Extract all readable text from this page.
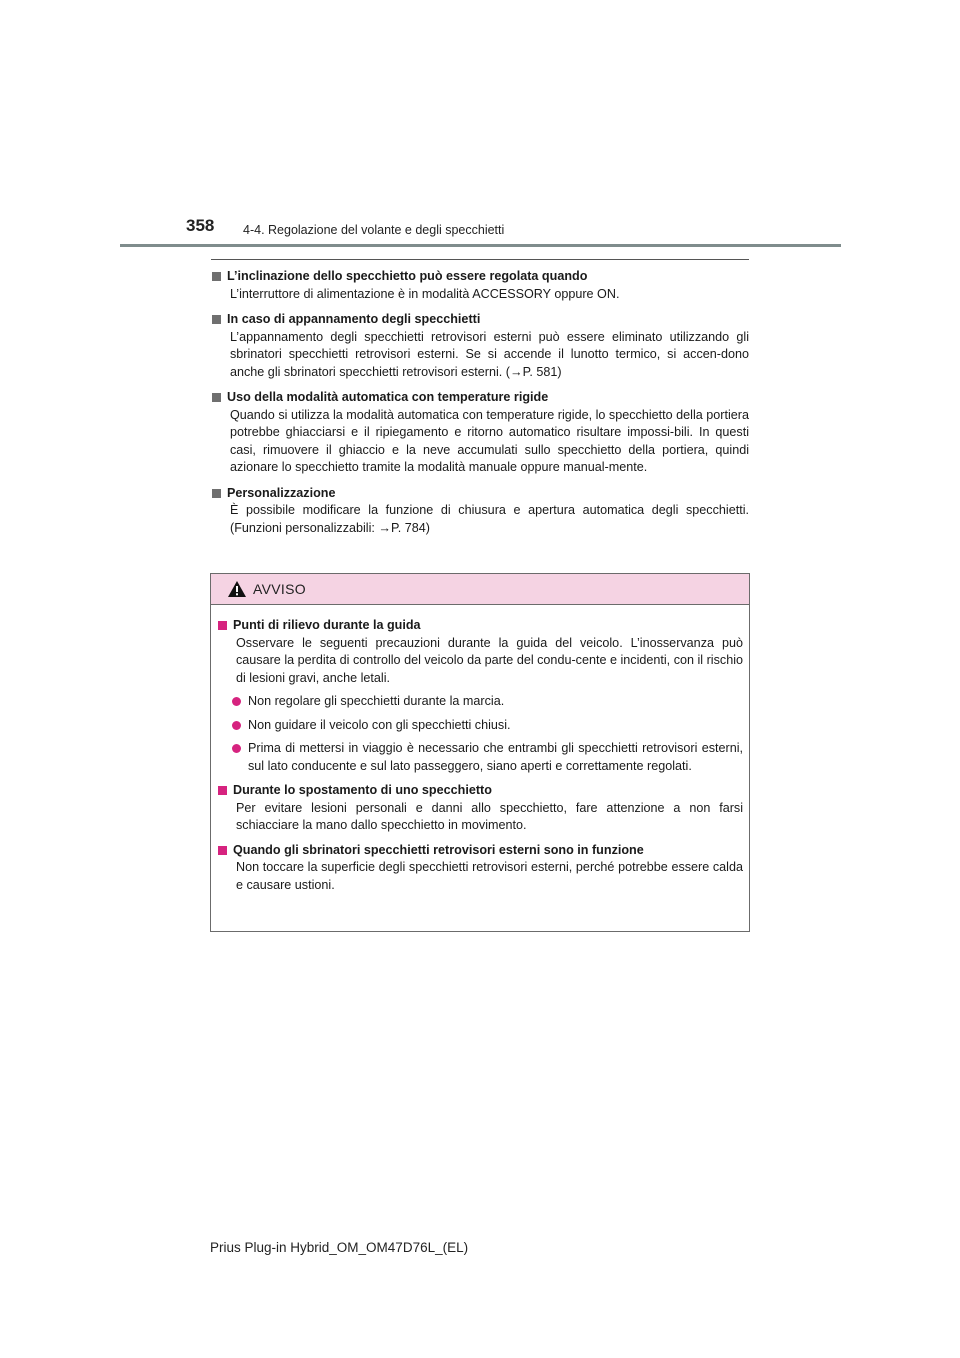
358 4-4. Regolazione del volante e degli specchietti
L’inclinazione dello specchietto può essere regolata quando
L’interruttore di alimentazione è in modalità ACCESSORY oppure ON.
In caso di appannamento degli specchietti
L’appannamento degli specchietti retrovisori esterni può essere eliminato utilizzando gli sbrinatori specchietti retrovisori esterni. Se si accende il lunotto termico, si accen-dono anche gli sbrinatori specchietti retrovisori esterni. (→P. 581)
Uso della modalità automatica con temperature rigide
Quando si utilizza la modalità automatica con temperature rigide, lo specchietto della portiera potrebbe ghiacciarsi e il ripiegamento e ritorno automatico risultare impossi-bili. In questi casi, rimuovere il ghiaccio e la neve accumulati sullo specchietto della portiera, quindi azionare lo specchietto tramite la modalità manuale oppure manual-mente.
Personalizzazione
È possibile modificare la funzione di chiusura e apertura automatica degli specchietti. (Funzioni personalizzabili: →P. 784)
AVVISO
Punti di rilievo durante la guida
Osservare le seguenti precauzioni durante la guida del veicolo. L’inosservanza può causare la perdita di controllo del veicolo da parte del condu-cente e incidenti, con il rischio di lesioni gravi, anche letali.
Non regolare gli specchietti durante la marcia.
Non guidare il veicolo con gli specchietti chiusi.
Prima di mettersi in viaggio è necessario che entrambi gli specchietti retrovisori esterni, sul lato conducente e sul lato passeggero, siano aperti e correttamente regolati.
Durante lo spostamento di uno specchietto
Per evitare lesioni personali e danni allo specchietto, fare attenzione a non farsi schiacciare la mano dallo specchietto in movimento.
Quando gli sbrinatori specchietti retrovisori esterni sono in funzione
Non toccare la superficie degli specchietti retrovisori esterni, perché potrebbe essere calda e causare ustioni.
Prius Plug-in Hybrid_OM_OM47D76L_(EL)
